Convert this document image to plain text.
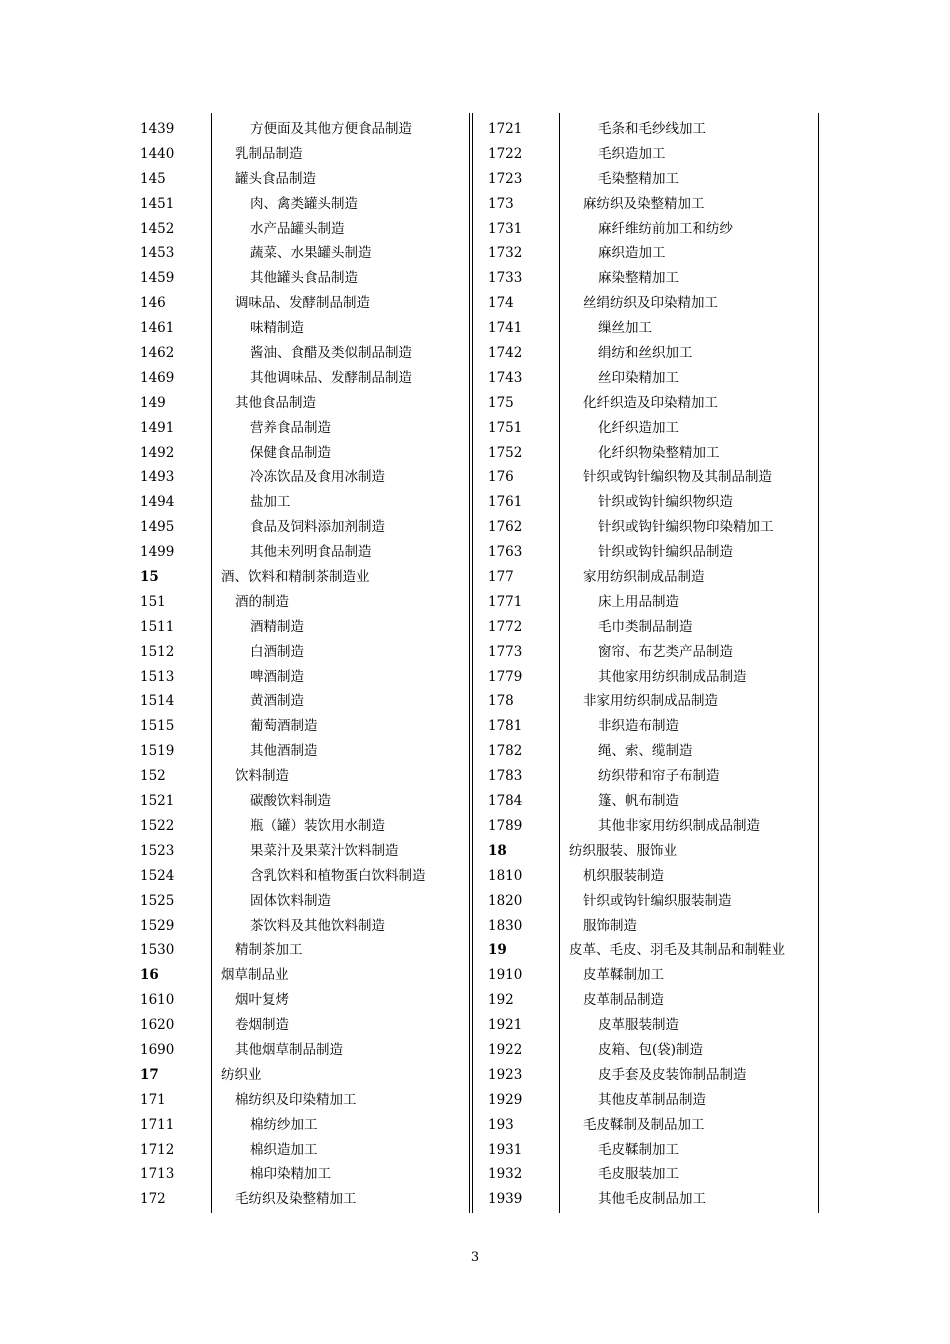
1439	方便面及其他方便食品制造
1440	乳制品制造
145	罐头食品制造
1451	肉、禽类罐头制造
1452	水产品罐头制造
1453	蔬菜、水果罐头制造
1459	其他罐头食品制造
146	调味品、发酵制品制造
1461	味精制造
1462	酱油、食醋及类似制品制造
1469	其他调味品、发酵制品制造
149	其他食品制造
1491	营养食品制造
1492	保健食品制造
1493	冷冻饮品及食用冰制造
1494	盐加工
1495	食品及饲料添加剂制造
1499	其他未列明食品制造
15	酒、饮料和精制茶制造业
151	酒的制造
1511	酒精制造
1512	白酒制造
1513	啤酒制造
1514	黄酒制造
1515	葡萄酒制造
1519	其他酒制造
152	饮料制造
1521	碳酸饮料制造
1522	瓶（罐）装饮用水制造
1523	果菜汁及果菜汁饮料制造
1524	含乳饮料和植物蛋白饮料制造
1525	固体饮料制造
1529	茶饮料及其他饮料制造
1530	精制茶加工
16	烟草制品业
1610	烟叶复烤
1620	卷烟制造
1690	其他烟草制品制造
17	纺织业
171	棉纺织及印染精加工
1711	棉纺纱加工
1712	棉织造加工
1713	棉印染精加工
172	毛纺织及染整精加工
1721	毛条和毛纱线加工
1722	毛织造加工
1723	毛染整精加工
173	麻纺织及染整精加工
1731	麻纤维纺前加工和纺纱
1732	麻织造加工
1733	麻染整精加工
174	丝绢纺织及印染精加工
1741	缫丝加工
1742	绢纺和丝织加工
1743	丝印染精加工
175	化纤织造及印染精加工
1751	化纤织造加工
1752	化纤织物染整精加工
176	针织或钩针编织物及其制品制造
1761	针织或钩针编织物织造
1762	针织或钩针编织物印染精加工
1763	针织或钩针编织品制造
177	家用纺织制成品制造
1771	床上用品制造
1772	毛巾类制品制造
1773	窗帘、布艺类产品制造
1779	其他家用纺织制成品制造
178	非家用纺织制成品制造
1781	非织造布制造
1782	绳、索、缆制造
1783	纺织带和帘子布制造
1784	篷、帆布制造
1789	其他非家用纺织制成品制造
18	纺织服装、服饰业
1810	机织服装制造
1820	针织或钩针编织服装制造
1830	服饰制造
19	皮革、毛皮、羽毛及其制品和制鞋业
1910	皮革鞣制加工
192	皮革制品制造
1921	皮革服装制造
1922	皮箱、包(袋)制造
1923	皮手套及皮装饰制品制造
1929	其他皮革制品制造
193	毛皮鞣制及制品加工
1931	毛皮鞣制加工
1932	毛皮服装加工
1939	其他毛皮制品加工
3
